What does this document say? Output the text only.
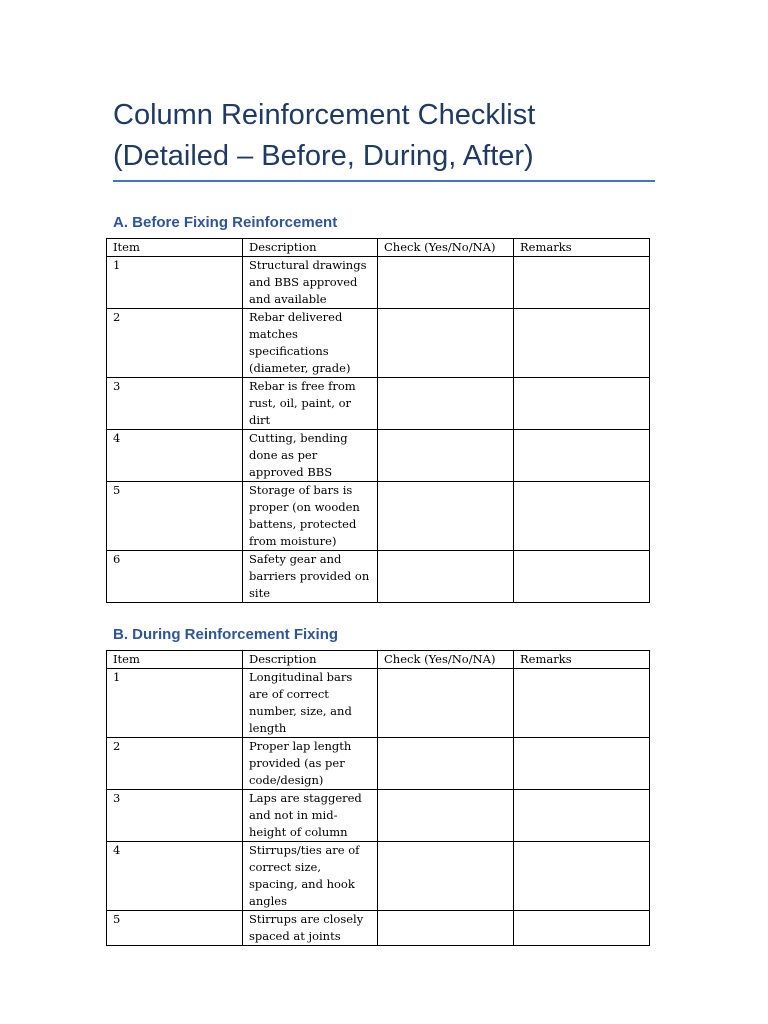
Column Reinforcement Checklist
(Detailed – Before, During, After)
A. Before Fixing Reinforcement
Item	Description	Check (Yes/No/NA)	Remarks
1	Structural drawings and BBS approved and available		
2	Rebar delivered matches specifications (diameter, grade)		
3	Rebar is free from rust, oil, paint, or dirt		
4	Cutting, bending done as per approved BBS		
5	Storage of bars is proper (on wooden battens, protected from moisture)		
6	Safety gear and barriers provided on site		
B. During Reinforcement Fixing
Item	Description	Check (Yes/No/NA)	Remarks
1	Longitudinal bars are of correct number, size, and length		
2	Proper lap length provided (as per code/design)		
3	Laps are staggered and not in mid-height of column		
4	Stirrups/ties are of correct size, spacing, and hook angles		
5	Stirrups are closely spaced at joints		
